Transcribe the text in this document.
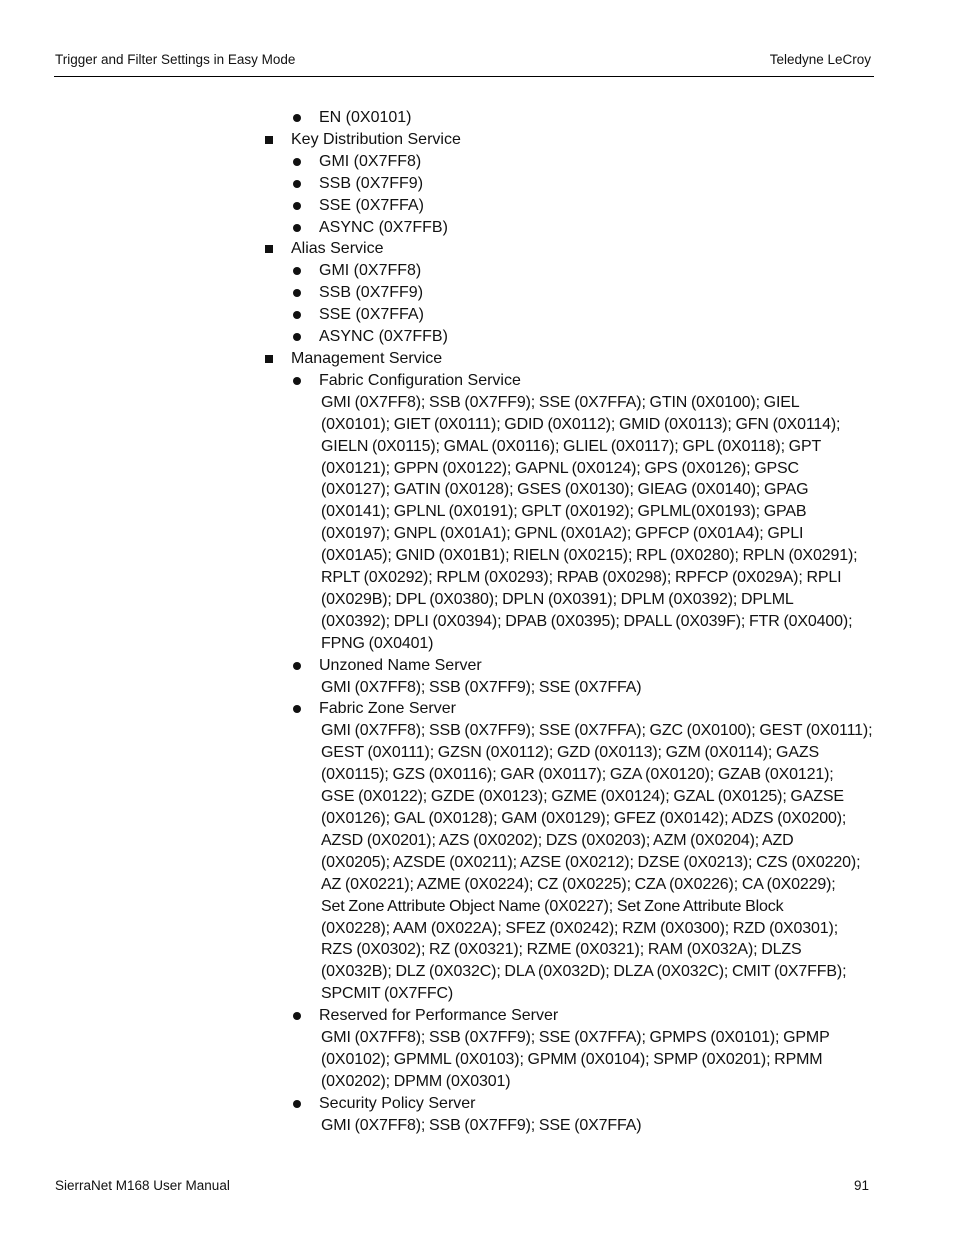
Trigger and Filter Settings in Easy Mode	Teledyne LeCroy
EN (0X0101)
Key Distribution Service
GMI (0X7FF8)
SSB (0X7FF9)
SSE (0X7FFA)
ASYNC (0X7FFB)
Alias Service
GMI (0X7FF8)
SSB (0X7FF9)
SSE (0X7FFA)
ASYNC (0X7FFB)
Management Service
Fabric Configuration Service
GMI (0X7FF8); SSB (0X7FF9); SSE (0X7FFA); GTIN (0X0100); GIEL
(0X0101); GIET (0X0111); GDID (0X0112); GMID (0X0113); GFN (0X0114);
GIELN (0X0115); GMAL (0X0116); GLIEL (0X0117); GPL (0X0118); GPT
(0X0121); GPPN (0X0122); GAPNL (0X0124); GPS (0X0126); GPSC
(0X0127); GATIN (0X0128); GSES (0X0130); GIEAG (0X0140); GPAG
(0X0141); GPLNL (0X0191); GPLT (0X0192); GPLML(0X0193); GPAB
(0X0197); GNPL (0X01A1); GPNL (0X01A2); GPFCP (0X01A4); GPLI
(0X01A5); GNID (0X01B1); RIELN (0X0215); RPL (0X0280); RPLN (0X0291);
RPLT (0X0292); RPLM (0X0293); RPAB (0X0298); RPFCP (0X029A); RPLI
(0X029B); DPL (0X0380); DPLN (0X0391); DPLM (0X0392); DPLML
(0X0392); DPLI (0X0394); DPAB (0X0395); DPALL (0X039F); FTR (0X0400);
FPNG (0X0401)
Unzoned Name Server
GMI (0X7FF8); SSB (0X7FF9); SSE (0X7FFA)
Fabric Zone Server
GMI (0X7FF8); SSB (0X7FF9); SSE (0X7FFA); GZC (0X0100); GEST (0X0111);
GEST (0X0111); GZSN (0X0112); GZD (0X0113); GZM (0X0114); GAZS
(0X0115); GZS (0X0116); GAR (0X0117); GZA (0X0120); GZAB (0X0121);
GSE (0X0122); GZDE (0X0123); GZME (0X0124); GZAL (0X0125); GAZSE
(0X0126); GAL (0X0128); GAM (0X0129); GFEZ (0X0142); ADZS (0X0200);
AZSD (0X0201); AZS (0X0202); DZS (0X0203); AZM (0X0204); AZD
(0X0205); AZSDE (0X0211); AZSE (0X0212); DZSE (0X0213); CZS (0X0220);
AZ (0X0221); AZME (0X0224); CZ (0X0225); CZA (0X0226); CA (0X0229);
Set Zone Attribute Object Name (0X0227); Set Zone Attribute Block
(0X0228); AAM (0X022A); SFEZ (0X0242); RZM (0X0300); RZD (0X0301);
RZS (0X0302); RZ (0X0321); RZME (0X0321); RAM (0X032A); DLZS
(0X032B); DLZ (0X032C); DLA (0X032D); DLZA (0X032C); CMIT (0X7FFB);
SPCMIT (0X7FFC)
Reserved for Performance Server
GMI (0X7FF8); SSB (0X7FF9); SSE (0X7FFA); GPMPS (0X0101); GPMP
(0X0102); GPMML (0X0103); GPMM (0X0104); SPMP (0X0201); RPMM
(0X0202); DPMM (0X0301)
Security Policy Server
GMI (0X7FF8); SSB (0X7FF9); SSE (0X7FFA)
SierraNet M168 User Manual	91
